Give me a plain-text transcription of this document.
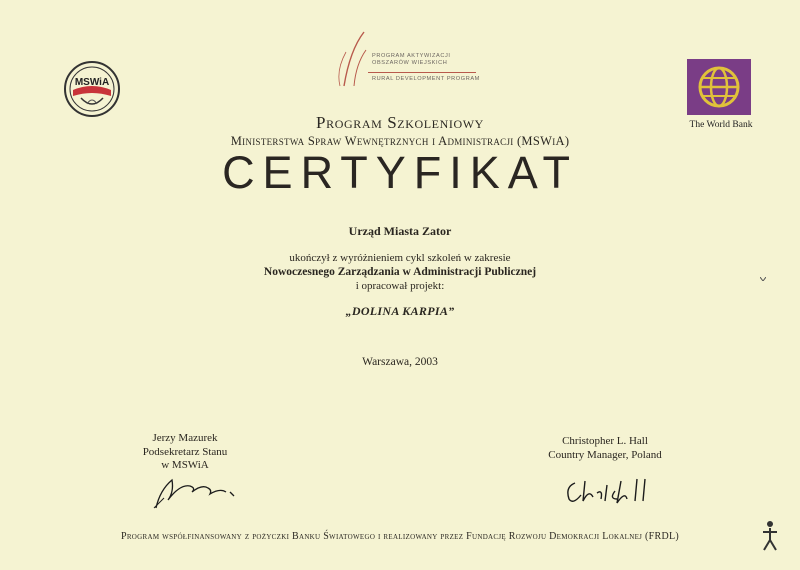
MSWiA
PROGRAM AKTYWIZACJI
OBSZARÓW WIEJSKICH
RURAL DEVELOPMENT PROGRAM
The World Bank
Program Szkoleniowy
Ministerstwa Spraw Wewnętrznych i Administracji (MSWiA)
CERTYFIKAT
Urząd Miasta Zator
ukończył z wyróżnieniem cykl szkoleń w zakresie
Nowoczesnego Zarządzania w Administracji Publicznej
i opracował projekt:
„DOLINA KARPIA”
Warszawa, 2003
Jerzy Mazurek
Podsekretarz Stanu
w MSWiA
Christopher L. Hall
Country Manager, Poland
Program współfinansowany z pożyczki Banku Światowego i realizowany przez Fundację Rozwoju Demokracji Lokalnej (FRDL)
